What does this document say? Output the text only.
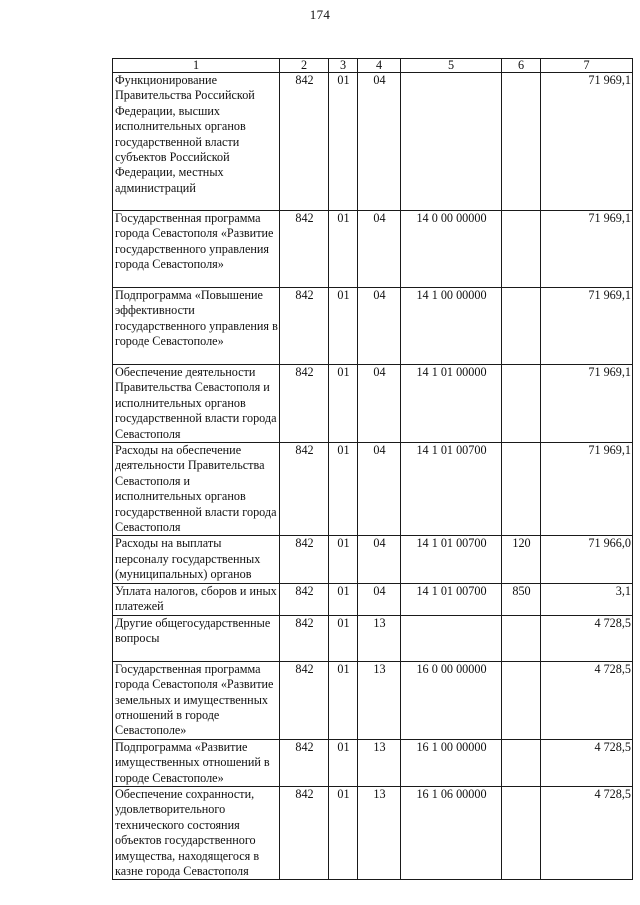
174
1	2	3	4	5	6	7
Функционирование Правительства Российской Федерации, высших исполнительных органов государственной власти субъектов Российской Федерации, местных администраций	842	01	04			71 969,1
Государственная программа города Севастополя «Развитие государственного управления города Севастополя»	842	01	04	14 0 00 00000		71 969,1
Подпрограмма «Повышение эффективности государственного управления в городе Севастополе»	842	01	04	14 1 00 00000		71 969,1
Обеспечение деятельности Правительства Севастополя и исполнительных органов государственной власти города Севастополя	842	01	04	14 1 01 00000		71 969,1
Расходы на обеспечение деятельности Правительства Севастополя и исполнительных органов государственной власти города Севастополя	842	01	04	14 1 01 00700		71 969,1
Расходы на выплаты персоналу государственных (муниципальных) органов	842	01	04	14 1 01 00700	120	71 966,0
Уплата налогов, сборов и иных платежей	842	01	04	14 1 01 00700	850	3,1
Другие общегосударственные вопросы	842	01	13			4 728,5
Государственная программа города Севастополя «Развитие земельных и имущественных отношений в городе Севастополе»	842	01	13	16 0 00 00000		4 728,5
Подпрограмма «Развитие имущественных отношений в городе Севастополе»	842	01	13	16 1 00 00000		4 728,5
Обеспечение сохранности, удовлетворительного технического состояния объектов государственного имущества, находящегося в казне города Севастополя	842	01	13	16 1 06 00000		4 728,5
